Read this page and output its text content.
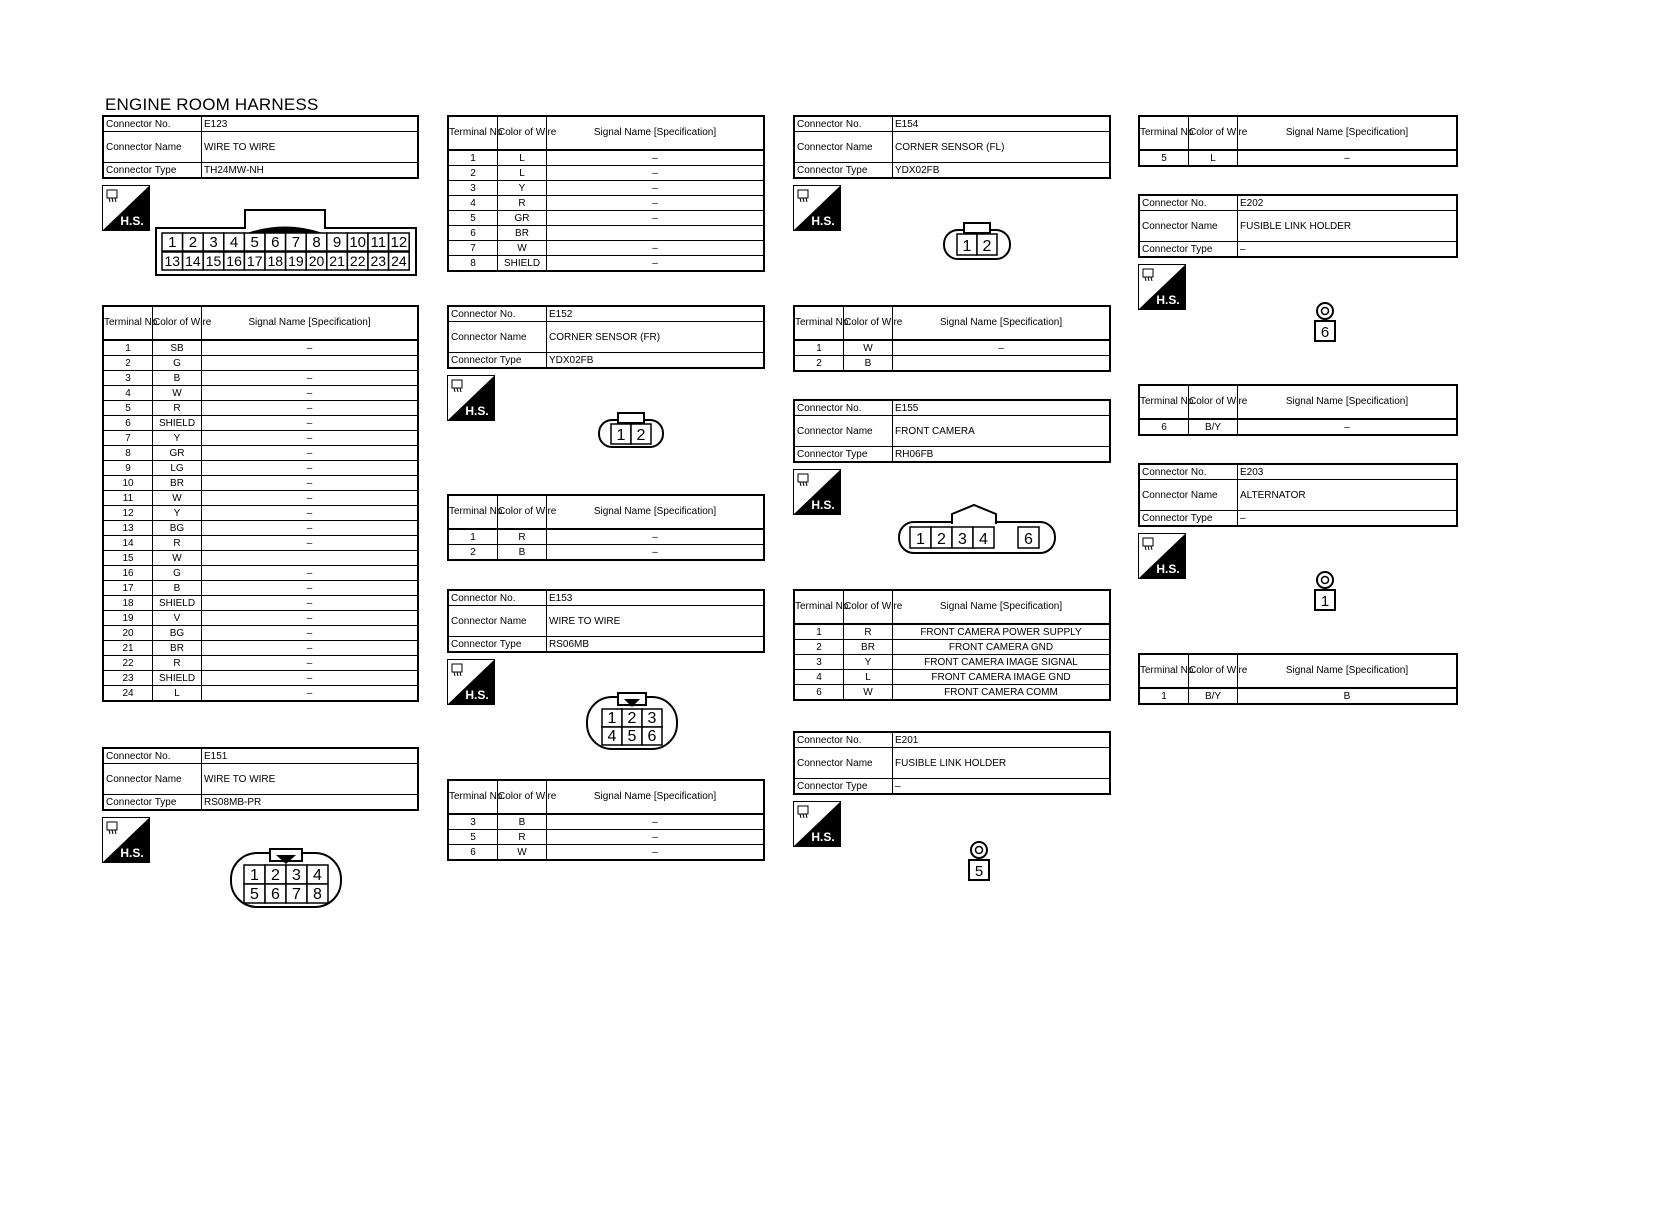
ENGINE ROOM HARNESS
Connector No.	E123
Connector Name	WIRE TO WIRE
Connector Type	TH24MW-NH
H.S.
1 2 3 4 5 6 7 8 9 10 11 12
13 14 15 16 17 18 19 20 21 22 23 24
Terminal No.	Color of Wire	Signal Name [Specification]
1	SB	–
2	G	
3	B	–
4	W	–
5	R	–
6	SHIELD	–
7	Y	–
8	GR	–
9	LG	–
10	BR	–
11	W	–
12	Y	–
13	BG	–
14	R	–
15	W	
16	G	–
17	B	–
18	SHIELD	–
19	V	–
20	BG	–
21	BR	–
22	R	–
23	SHIELD	–
24	L	–
Connector No.	E151
Connector Name	WIRE TO WIRE
Connector Type	RS08MB-PR
H.S.
1 2 3 4
5 6 7 8
Terminal No	Color of Wire	Signal Name [Specification]
1	L	–
2	L	–
3	Y	–
4	R	–
5	GR	–
6	BR	
7	W	–
8	SHIELD	–
Connector No.	E152
Connector Name	CORNER SENSOR (FR)
Connector Type	YDX02FB
H.S.
1 2
Terminal No.	Color of Wire	Signal Name [Specification]
1	R	–
2	B	–
Connector No.	E153
Connector Name	WIRE TO WIRE
Connector Type	RS06MB
H.S.
1 2 3
4 5 6
Terminal No.	Color of Wire	Signal Name [Specification]
3	B	–
5	R	–
6	W	–
Connector No.	E154
Connector Name	CORNER SENSOR (FL)
Connector Type	YDX02FB
H.S.
1 2
Terminal No.	Color of Wire	Signal Name [Specification]
1	W	–
2	B	
Connector No.	E155
Connector Name	FRONT CAMERA
Connector Type	RH06FB
H.S.
1 2 3 4 6
Terminal No.	Color of Wire	Signal Name [Specification]
1	R	FRONT CAMERA POWER SUPPLY
2	BR	FRONT CAMERA GND
3	Y	FRONT CAMERA IMAGE SIGNAL
4	L	FRONT CAMERA IMAGE GND
6	W	FRONT CAMERA COMM
Connector No.	E201
Connector Name	FUSIBLE LINK HOLDER
Connector Type	–
H.S.
5
Terminal No	Color of Wire	Signal Name [Specification]
5	L	–
Connector No.	E202
Connector Name	FUSIBLE LINK HOLDER
Connector Type	–
H.S.
6
Terminal No.	Color of Wire	Signal Name [Specification]
6	B/Y	–
Connector No.	E203
Connector Name	ALTERNATOR
Connector Type	–
H.S.
1
Terminal No.	Color of Wire	Signal Name [Specification]
1	B/Y	B
